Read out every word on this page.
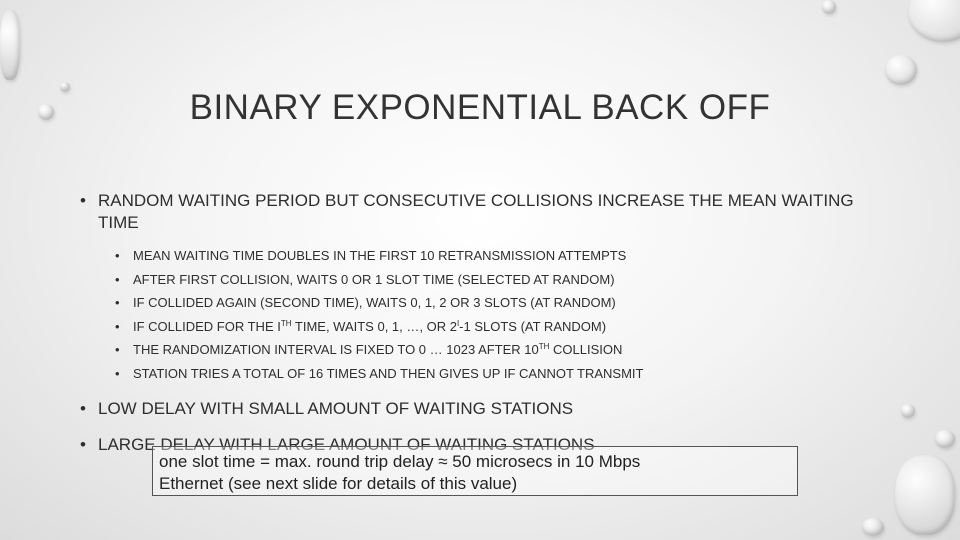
BINARY EXPONENTIAL BACK OFF
• RANDOM WAITING PERIOD BUT CONSECUTIVE COLLISIONS INCREASE THE MEAN WAITING TIME
• MEAN WAITING TIME DOUBLES IN THE FIRST 10 RETRANSMISSION ATTEMPTS
• AFTER FIRST COLLISION, WAITS 0 OR 1 SLOT TIME (SELECTED AT RANDOM)
• IF COLLIDED AGAIN (SECOND TIME), WAITS 0, 1, 2 OR 3 SLOTS (AT RANDOM)
• IF COLLIDED FOR THE ITH TIME, WAITS 0, 1, …, OR $2^I-1$ SLOTS (AT RANDOM)
• THE RANDOMIZATION INTERVAL IS FIXED TO 0 … 1023 AFTER 10TH COLLISION
• STATION TRIES A TOTAL OF 16 TIMES AND THEN GIVES UP IF CANNOT TRANSMIT
• LOW DELAY WITH SMALL AMOUNT OF WAITING STATIONS
• LARGE DELAY WITH LARGE AMOUNT OF WAITING STATIONS
one slot time = max. round trip delay ≈ 50 microsecs in 10 Mbps
Ethernet (see next slide for details of this value)
